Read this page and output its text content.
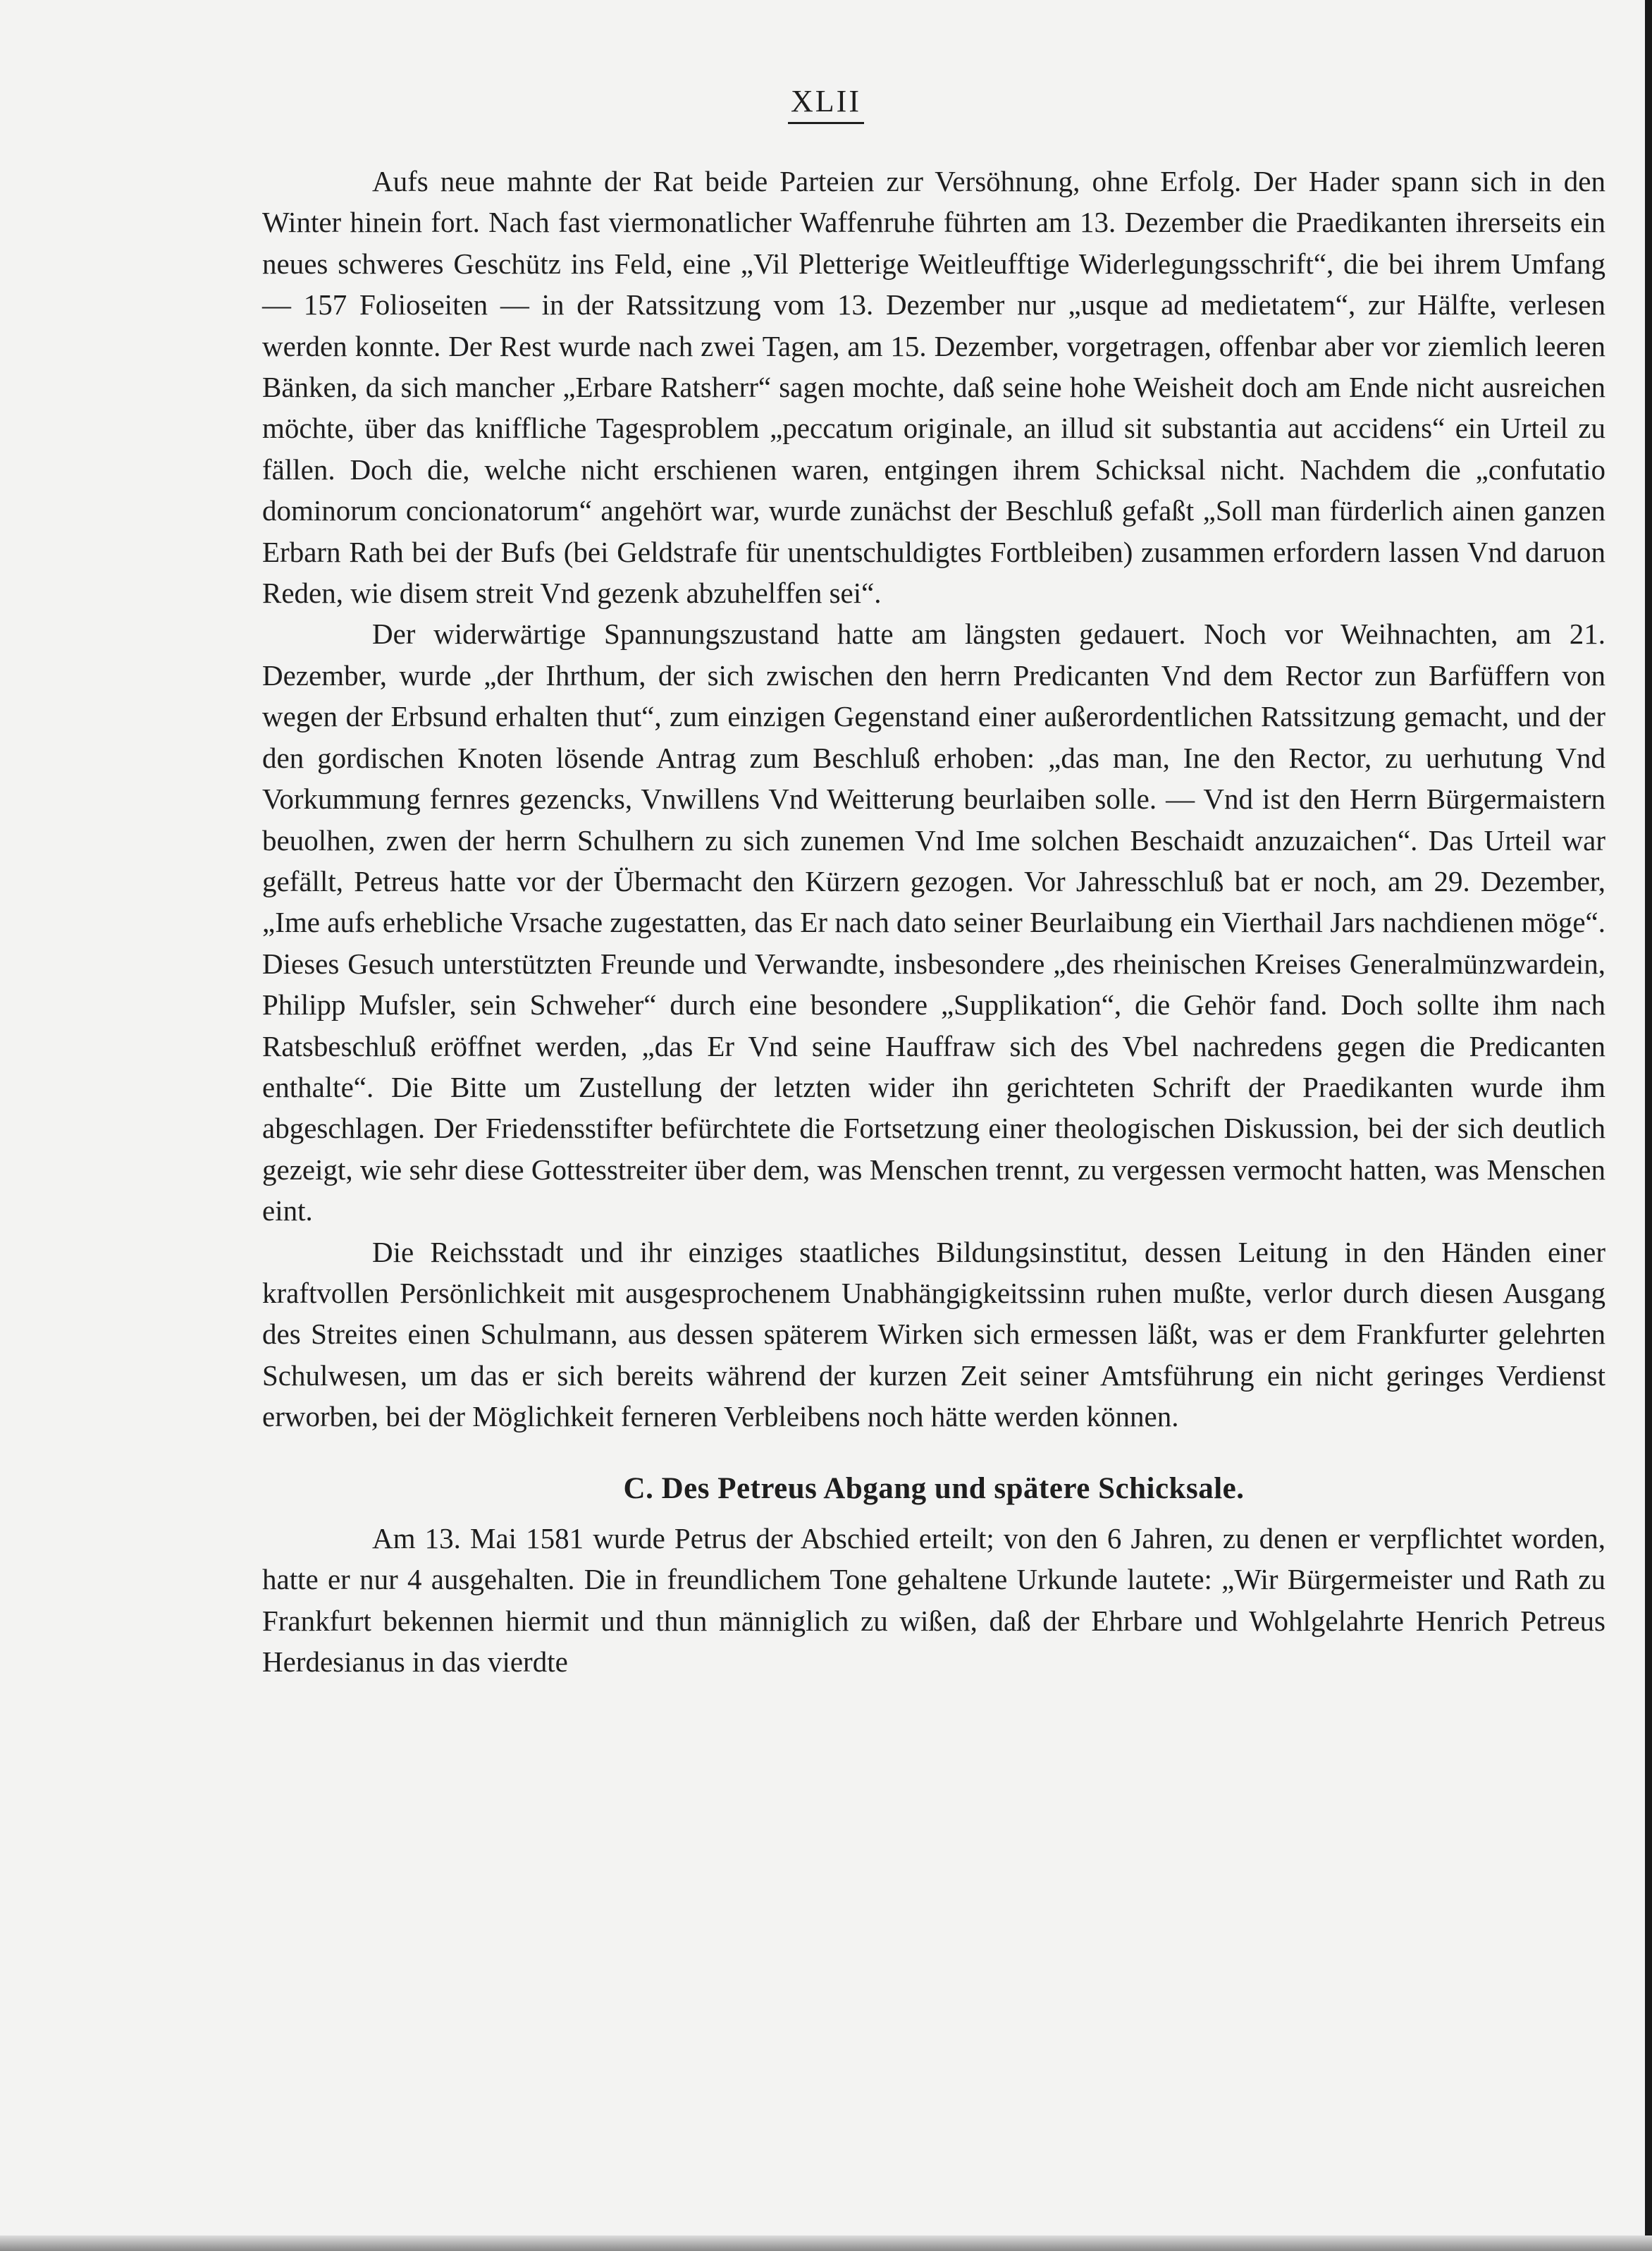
XLII

Aufs neue mahnte der Rat beide Parteien zur Versöhnung, ohne Erfolg. Der Hader spann sich in den Winter hinein fort. Nach fast viermonatlicher Waffenruhe führten am 13. Dezember die Praedikanten ihrerseits ein neues schweres Geschütz ins Feld, eine „Vil Pletterige Weitleufftige Widerlegungsschrift“, die bei ihrem Umfang — 157 Folioseiten — in der Ratssitzung vom 13. Dezember nur „usque ad medietatem“, zur Hälfte, verlesen werden konnte. Der Rest wurde nach zwei Tagen, am 15. Dezember, vorgetragen, offenbar aber vor ziemlich leeren Bänken, da sich mancher „Erbare Ratsherr“ sagen mochte, daß seine hohe Weisheit doch am Ende nicht ausreichen möchte, über das kniffliche Tagesproblem „peccatum originale, an illud sit substantia aut accidens“ ein Urteil zu fällen. Doch die, welche nicht erschienen waren, entgingen ihrem Schicksal nicht. Nachdem die „confutatio dominorum concionatorum“ angehört war, wurde zunächst der Beschluß gefaßt „Soll man fürderlich ainen ganzen Erbarn Rath bei der Bufs (bei Geldstrafe für unentschuldigtes Fortbleiben) zusammen erfordern lassen Vnd daruon Reden, wie disem streit Vnd gezenk abzuhelffen sei“.

Der widerwärtige Spannungszustand hatte am längsten gedauert. Noch vor Weihnachten, am 21. Dezember, wurde „der Ihrthum, der sich zwischen den herrn Predicanten Vnd dem Rector zun Barfüffern von wegen der Erbsund erhalten thut“, zum einzigen Gegenstand einer außerordentlichen Ratssitzung gemacht, und der den gordischen Knoten lösende Antrag zum Beschluß erhoben: „das man, Ine den Rector, zu uerhutung Vnd Vorkummung fernres gezencks, Vnwillens Vnd Weitterung beurlaiben solle. — Vnd ist den Herrn Bürgermaistern beuolhen, zwen der herrn Schulhern zu sich zunemen Vnd Ime solchen Beschaidt anzuzaichen“. Das Urteil war gefällt, Petreus hatte vor der Übermacht den Kürzern gezogen. Vor Jahresschluß bat er noch, am 29. Dezember, „Ime aufs erhebliche Vrsache zugestatten, das Er nach dato seiner Beurlaibung ein Vierthail Jars nachdienen möge“. Dieses Gesuch unterstützten Freunde und Verwandte, insbesondere „des rheinischen Kreises Generalmünzwardein, Philipp Mufsler, sein Schweher“ durch eine besondere „Supplikation“, die Gehör fand. Doch sollte ihm nach Ratsbeschluß eröffnet werden, „das Er Vnd seine Hauffraw sich des Vbel nachredens gegen die Predicanten enthalte“. Die Bitte um Zustellung der letzten wider ihn gerichteten Schrift der Praedikanten wurde ihm abgeschlagen. Der Friedensstifter befürchtete die Fortsetzung einer theologischen Diskussion, bei der sich deutlich gezeigt, wie sehr diese Gottesstreiter über dem, was Menschen trennt, zu vergessen vermocht hatten, was Menschen eint.

Die Reichsstadt und ihr einziges staatliches Bildungsinstitut, dessen Leitung in den Händen einer kraftvollen Persönlichkeit mit ausgesprochenem Unabhängigkeitssinn ruhen mußte, verlor durch diesen Ausgang des Streites einen Schulmann, aus dessen späterem Wirken sich ermessen läßt, was er dem Frankfurter gelehrten Schulwesen, um das er sich bereits während der kurzen Zeit seiner Amtsführung ein nicht geringes Verdienst erworben, bei der Möglichkeit ferneren Verbleibens noch hätte werden können.

C. Des Petreus Abgang und spätere Schicksale.

Am 13. Mai 1581 wurde Petrus der Abschied erteilt; von den 6 Jahren, zu denen er verpflichtet worden, hatte er nur 4 ausgehalten. Die in freundlichem Tone gehaltene Urkunde lautete: „Wir Bürgermeister und Rath zu Frankfurt bekennen hiermit und thun männiglich zu wißen, daß der Ehrbare und Wohlgelahrte Henrich Petreus Herdesianus in das vierdte
